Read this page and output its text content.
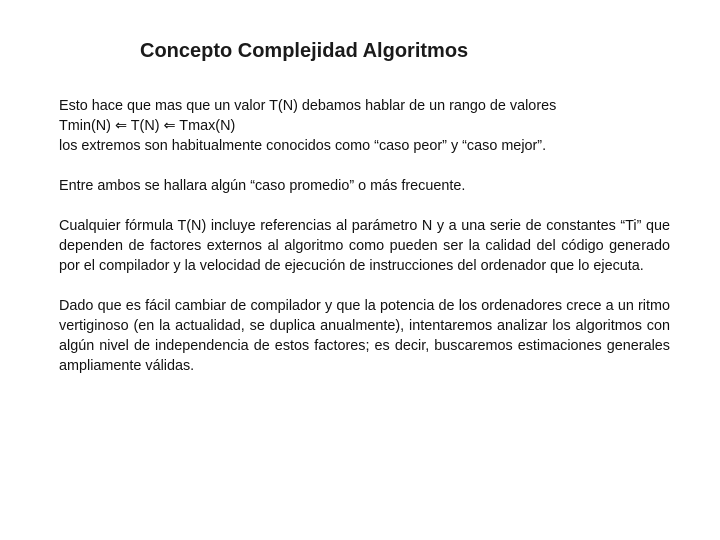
Concepto Complejidad Algoritmos

Esto hace que mas que un valor T(N) debamos hablar de un rango de valores
Tmin(N) ⇐ T(N) ⇐ Tmax(N)
los extremos son habitualmente conocidos como “caso peor” y “caso mejor”.

Entre ambos se hallara algún “caso promedio” o más frecuente.

Cualquier fórmula T(N) incluye referencias al parámetro N y a una serie de constantes “Ti” que dependen de factores externos al algoritmo como pueden ser la calidad del código generado por el compilador y la velocidad de ejecución de instrucciones del ordenador que lo ejecuta.

Dado que es fácil cambiar de compilador y que la potencia de los ordenadores crece a un ritmo vertiginoso (en la actualidad, se duplica anualmente), intentaremos analizar los algoritmos con algún nivel de independencia de estos factores; es decir, buscaremos estimaciones generales ampliamente válidas.
